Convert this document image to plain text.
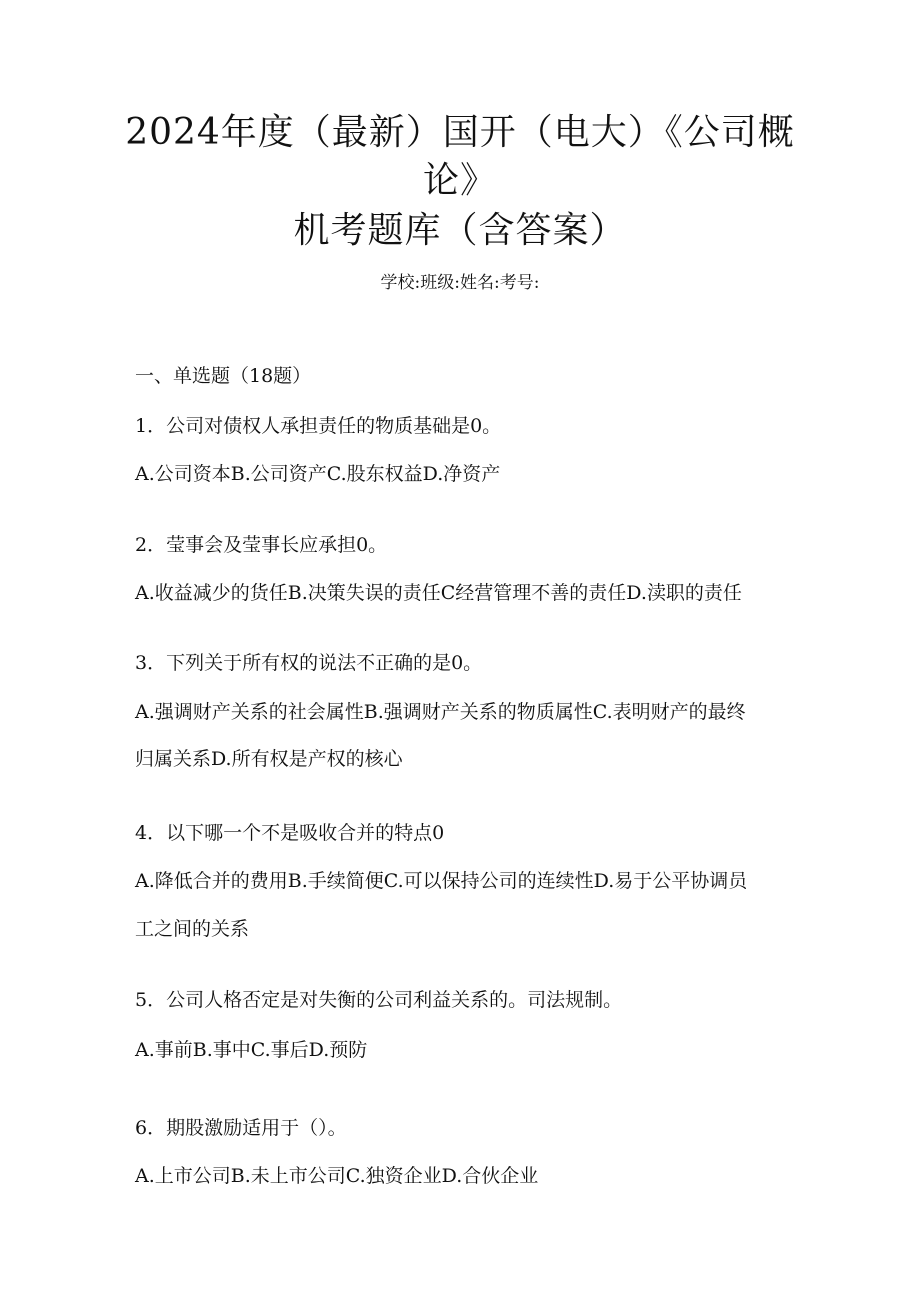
2024年度（最新）国开（电大）《公司概
论》
机考题库（含答案）
学校:班级:姓名:考号:
一、单选题（18题）
1．公司对债权人承担责任的物质基础是0。
A.公司资本B.公司资产C.股东权益D.净资产
2．莹事会及莹事长应承担0。
A.收益减少的货任B.决策失误的责任C经营管理不善的责任D.渎职的责任
3．下列关于所有权的说法不正确的是0。
A.强调财产关系的社会属性B.强调财产关系的物质属性C.表明财产的最终
归属关系D.所有权是产权的核心
4．以下哪一个不是吸收合并的特点0
A.降低合并的费用B.手续简便C.可以保持公司的连续性D.易于公平协调员
工之间的关系
5．公司人格否定是对失衡的公司利益关系的。司法规制。
A.事前B.事中C.事后D.预防
6．期股激励适用于（）。
A.上市公司B.未上市公司C.独资企业D.合伙企业
